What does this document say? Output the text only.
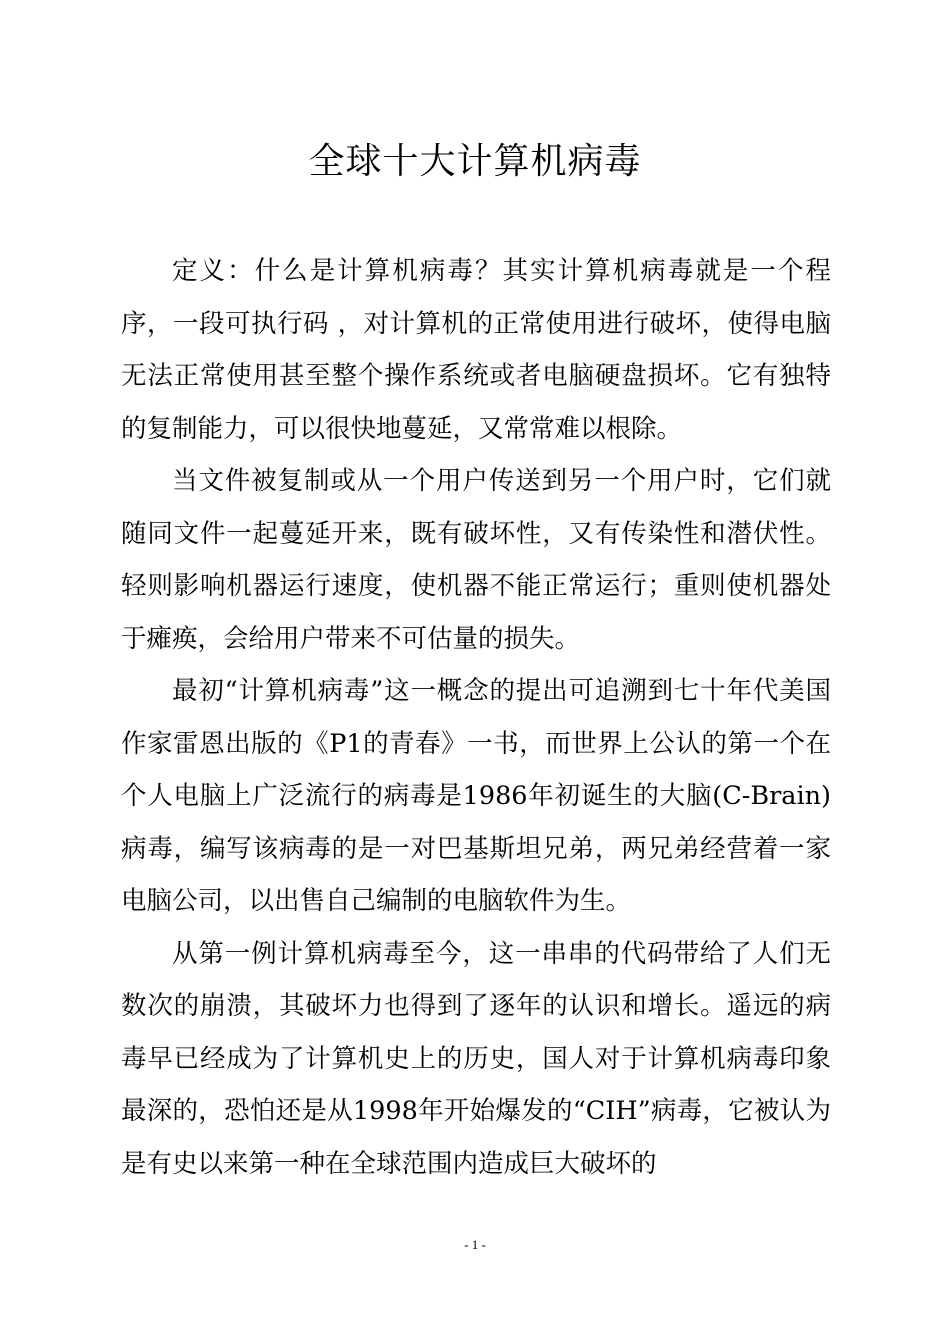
全球十大计算机病毒

定义：什么是计算机病毒？其实计算机病毒就是一个程序，一段可执行码 ，对计算机的正常使用进行破坏，使得电脑无法正常使用甚至整个操作系统或者电脑硬盘损坏。它有独特的复制能力，可以很快地蔓延，又常常难以根除。

当文件被复制或从一个用户传送到另一个用户时，它们就随同文件一起蔓延开来，既有破坏性，又有传染性和潜伏性。轻则影响机器运行速度，使机器不能正常运行；重则使机器处于瘫痪，会给用户带来不可估量的损失。

最初“计算机病毒”这一概念的提出可追溯到七十年代美国作家雷恩出版的《P1的青春》一书，而世界上公认的第一个在个人电脑上广泛流行的病毒是1986年初诞生的大脑(C-Brain)病毒，编写该病毒的是一对巴基斯坦兄弟，两兄弟经营着一家电脑公司，以出售自己编制的电脑软件为生。

从第一例计算机病毒至今，这一串串的代码带给了人们无数次的崩溃，其破坏力也得到了逐年的认识和增长。遥远的病毒早已经成为了计算机史上的历史，国人对于计算机病毒印象最深的，恐怕还是从1998年开始爆发的“CIH”病毒，它被认为是有史以来第一种在全球范围内造成巨大破坏的

- 1 -
